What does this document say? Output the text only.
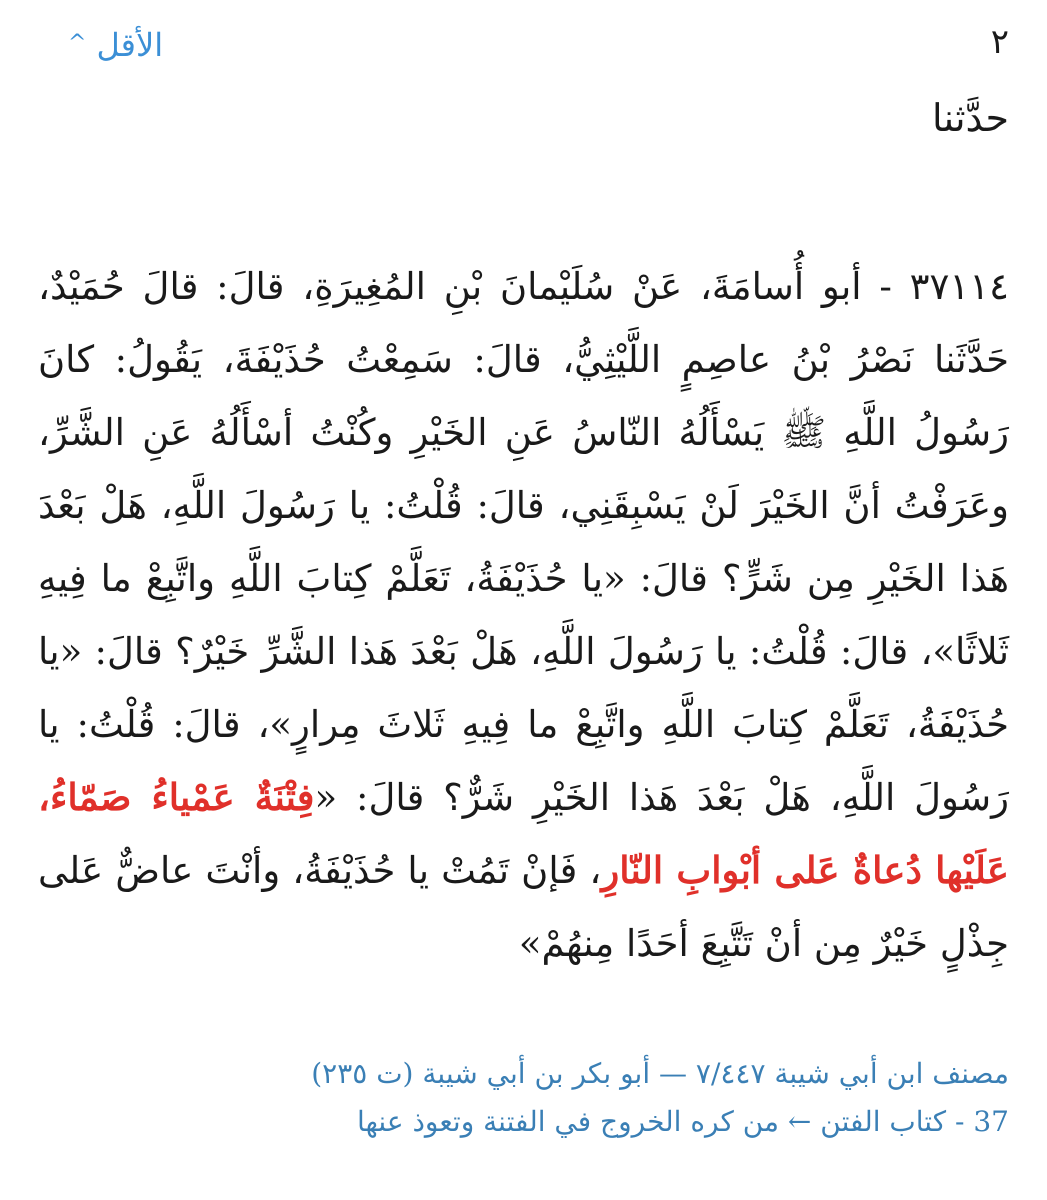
٢
الأقل
^
حدَّثنا
٣٧١١٤ - أبو أُسامَةَ، عَنْ سُلَيْمانَ بْنِ المُغِيرَةِ، قالَ: قالَ حُمَيْدٌ، حَدَّثَنا نَصْرُ بْنُ عاصِمٍ اللَّيْثِيُّ، قالَ: سَمِعْتُ حُذَيْفَةَ، يَقُولُ: كانَ رَسُولُ اللَّهِ ﷺ يَسْأَلُهُ النّاسُ عَنِ الخَيْرِ وكُنْتُ أسْأَلُهُ عَنِ الشَّرِّ، وعَرَفْتُ أنَّ الخَيْرَ لَنْ يَسْبِقَنِي، قالَ: قُلْتُ: يا رَسُولَ اللَّهِ، هَلْ بَعْدَ هَذا الخَيْرِ مِن شَرٍّ؟ قالَ: «يا حُذَيْفَةُ، تَعَلَّمْ كِتابَ اللَّهِ واتَّبِعْ ما فِيهِ ثَلاثًا»، قالَ: قُلْتُ: يا رَسُولَ اللَّهِ، هَلْ بَعْدَ هَذا الشَّرِّ خَيْرٌ؟ قالَ: «يا حُذَيْفَةُ، تَعَلَّمْ كِتابَ اللَّهِ واتَّبِعْ ما فِيهِ ثَلاثَ مِرارٍ»، قالَ: قُلْتُ: يا رَسُولَ اللَّهِ، هَلْ بَعْدَ هَذا الخَيْرِ شَرٌّ؟ قالَ: «فِتْنَةٌ عَمْياءُ صَمّاءُ، عَلَيْها دُعاةٌ عَلى أبْوابِ النّارِ، فَإنْ تَمُتْ يا حُذَيْفَةُ، وأنْتَ عاضٌّ عَلى جِذْلٍ خَيْرٌ مِن أنْ تَتَّبِعَ أحَدًا مِنهُمْ»
مصنف ابن أبي شيبة ٧/٤٤٧ — أبو بكر بن أبي شيبة (ت ٢٣٥)
37 - كتاب الفتن ← من كره الخروج في الفتنة وتعوذ عنها
